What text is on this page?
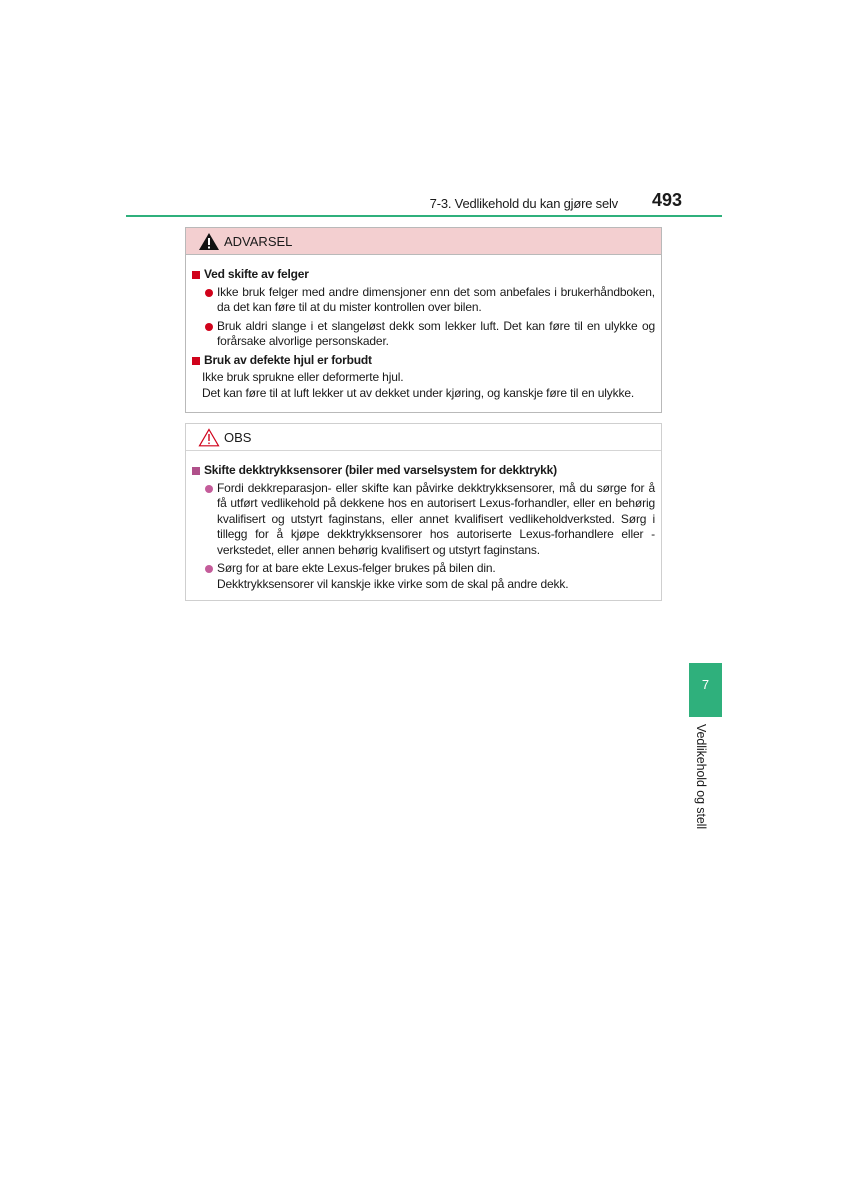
7-3. Vedlikehold du kan gjøre selv 493
ADVARSEL
Ved skifte av felger
Ikke bruk felger med andre dimensjoner enn det som anbefales i brukerhåndboken, da det kan føre til at du mister kontrollen over bilen.
Bruk aldri slange i et slangeløst dekk som lekker luft. Det kan føre til en ulykke og forårsake alvorlige personskader.
Bruk av defekte hjul er forbudt
Ikke bruk sprukne eller deformerte hjul.
Det kan føre til at luft lekker ut av dekket under kjøring, og kanskje føre til en ulykke.
OBS
Skifte dekktrykksensorer (biler med varselsystem for dekktrykk)
Fordi dekkreparasjon- eller skifte kan påvirke dekktrykksensorer, må du sørge for å få utført vedlikehold på dekkene hos en autorisert Lexus-forhandler, eller en behørig kvalifisert og utstyrt faginstans, eller annet kvalifisert vedlikeholdverksted. Sørg i tillegg for å kjøpe dekktrykksensorer hos autoriserte Lexus-forhandlere eller -verkstedet, eller annen behørig kvalifisert og utstyrt faginstans.
Sørg for at bare ekte Lexus-felger brukes på bilen din.
Dekktrykksensorer vil kanskje ikke virke som de skal på andre dekk.
7
Vedlikehold og stell
